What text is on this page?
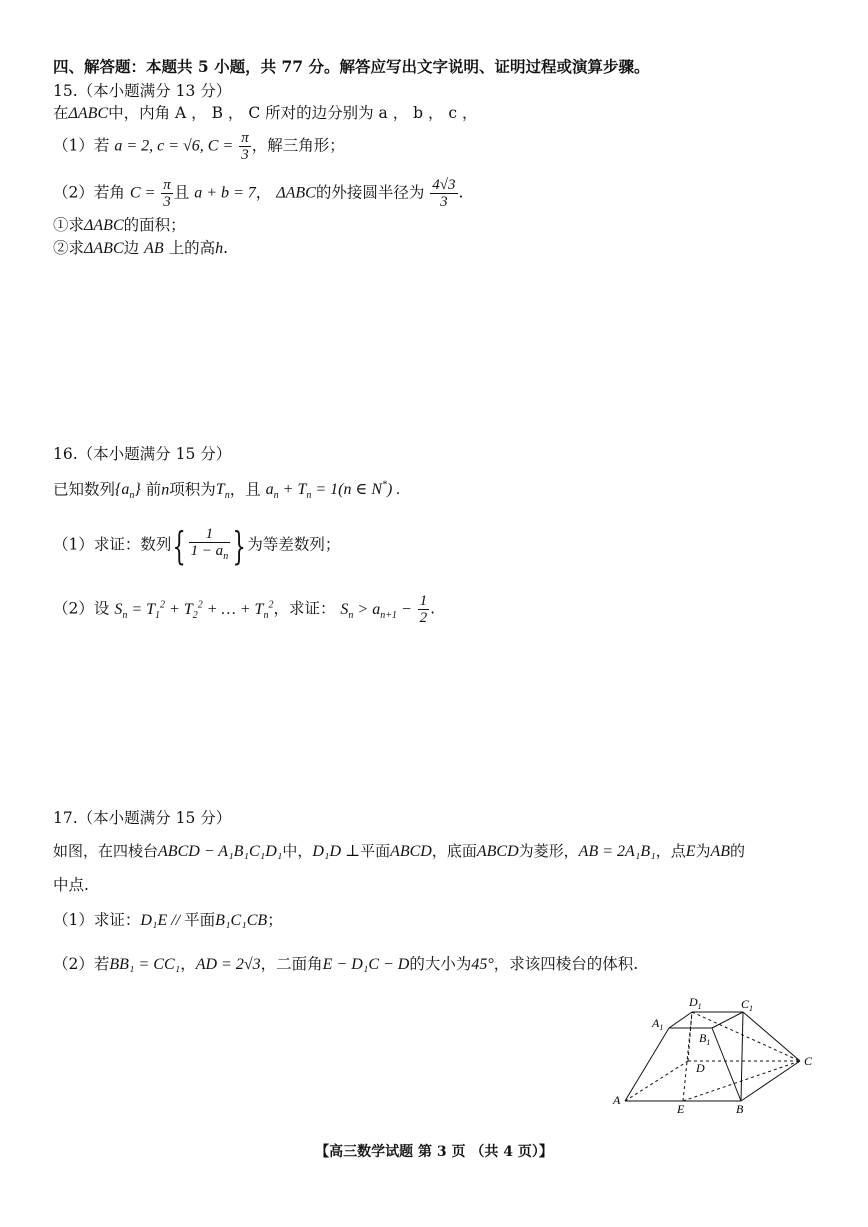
四、解答题：本题共 5 小题，共 77 分。解答应写出文字说明、证明过程或演算步骤。
15.（本小题满分 13 分）
在ΔABC中，内角 A ， B ， C 所对的边分别为 a ， b ， c ，
（1）若 a = 2, c = √6, $C = \frac{\pi}{3}$ ，解三角形；
（2）若角 $C = \frac{\pi}{3}$ 且 a + b = 7， ΔABC的外接圆半径为 $\frac{4√3}{3}$ .
①求ΔABC的面积；
②求ΔABC边 AB 上的高h.
16.（本小题满分 15 分）
已知数列$\{a_n\}$ 前n项积为$T_n$，且 $a_n + T_n = 1(n$ ∈ N*) .
（1）求证：数列{ $\frac{1}{1 - a_n}$ }为等差数列；
（2）设 $S_n = T_1^2 + T_2^2$ + … + $T_n^2$，求证： $S_n > a_{n+1} - \frac{1}{2}$ .
17.（本小题满分 15 分）
如图，在四棱台ABCD − A₁B₁C₁D₁中，D₁D ⊥平面ABCD，底面ABCD为菱形，AB = 2A₁B₁，点E为AB的
中点.
（1）求证：D₁E // 平面B₁C₁CB；
（2）若BB₁ = CC₁，AD = 2√3，二面角E − D₁C − D的大小为45°，求该四棱台的体积.
A
B
C
D
E
$A_1$
$B_1$
$C_1$
$D_1$
【高三数学试题 第 3 页 （共 4 页）】
